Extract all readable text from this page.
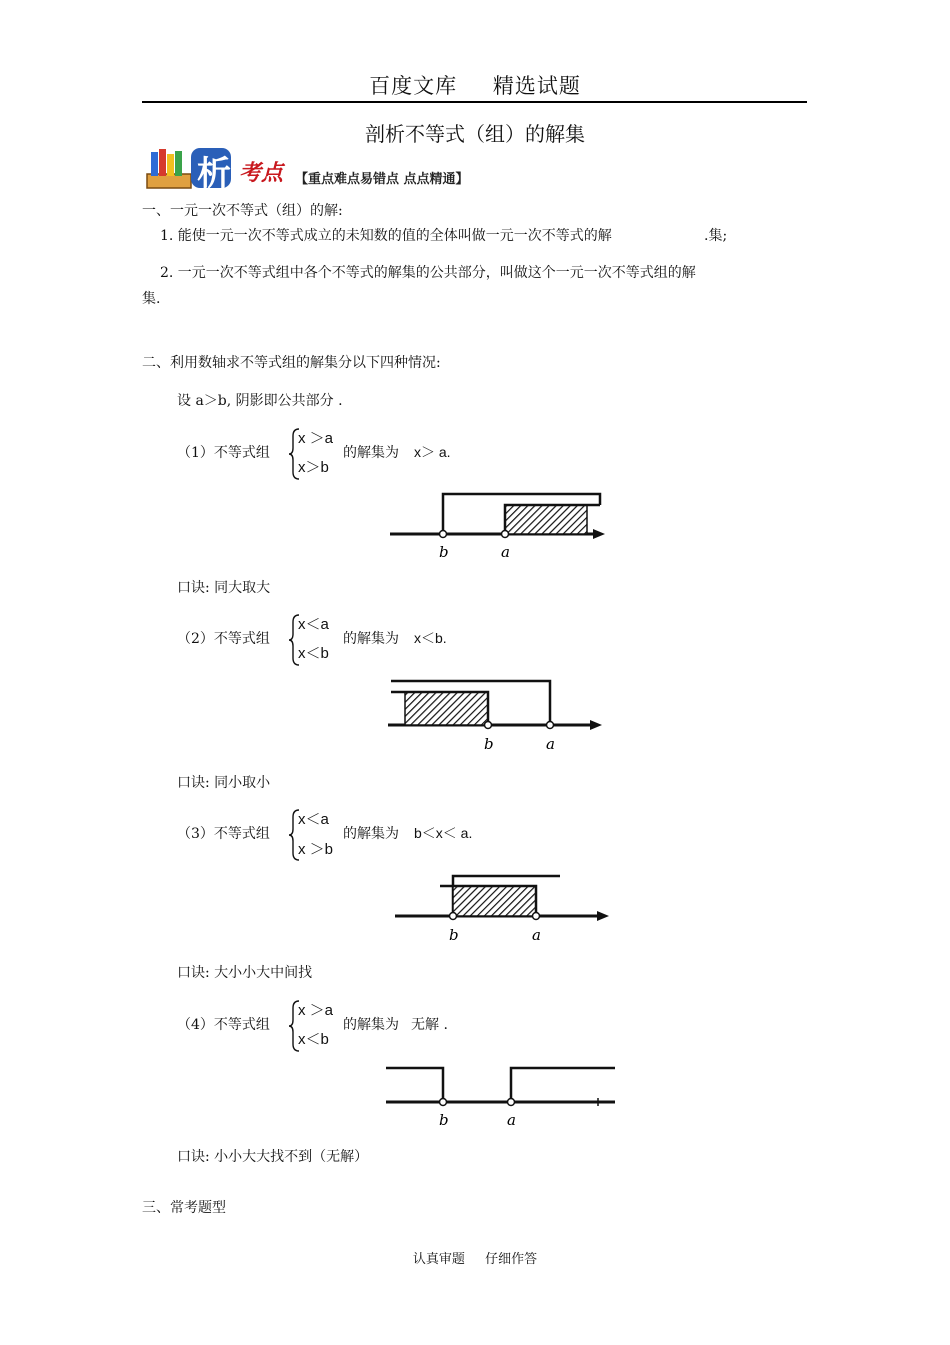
百度文库 精选试题
剖析不等式（组）的解集
析 考点 【重点难点易错点 点点精通】
一、一元一次不等式（组）的解:
1. 能使一元一次不等式成立的未知数的值的全体叫做一元一次不等式的解	.集;
2. 一元一次不等式组中各个不等式的解集的公共部分，叫做这个一元一次不等式组的解
集.
二、利用数轴求不等式组的解集分以下四种情况:
设 a＞b, 阴影即公共部分 .
（1）不等式组
x ＞a
x＞b
的解集为 x＞ a.
b	a
口诀: 同大取大
（2）不等式组
x＜a
x＜b
的解集为 x＜b.
b	a
口诀: 同小取小
（3）不等式组
x＜a
x ＞b
的解集为 b＜x＜ a.
b	a
口诀: 大小小大中间找
（4）不等式组
x ＞a
x＜b
的解集为 无解 .
b	a
口诀: 小小大大找不到（无解）
三、常考题型
认真审题 仔细作答
